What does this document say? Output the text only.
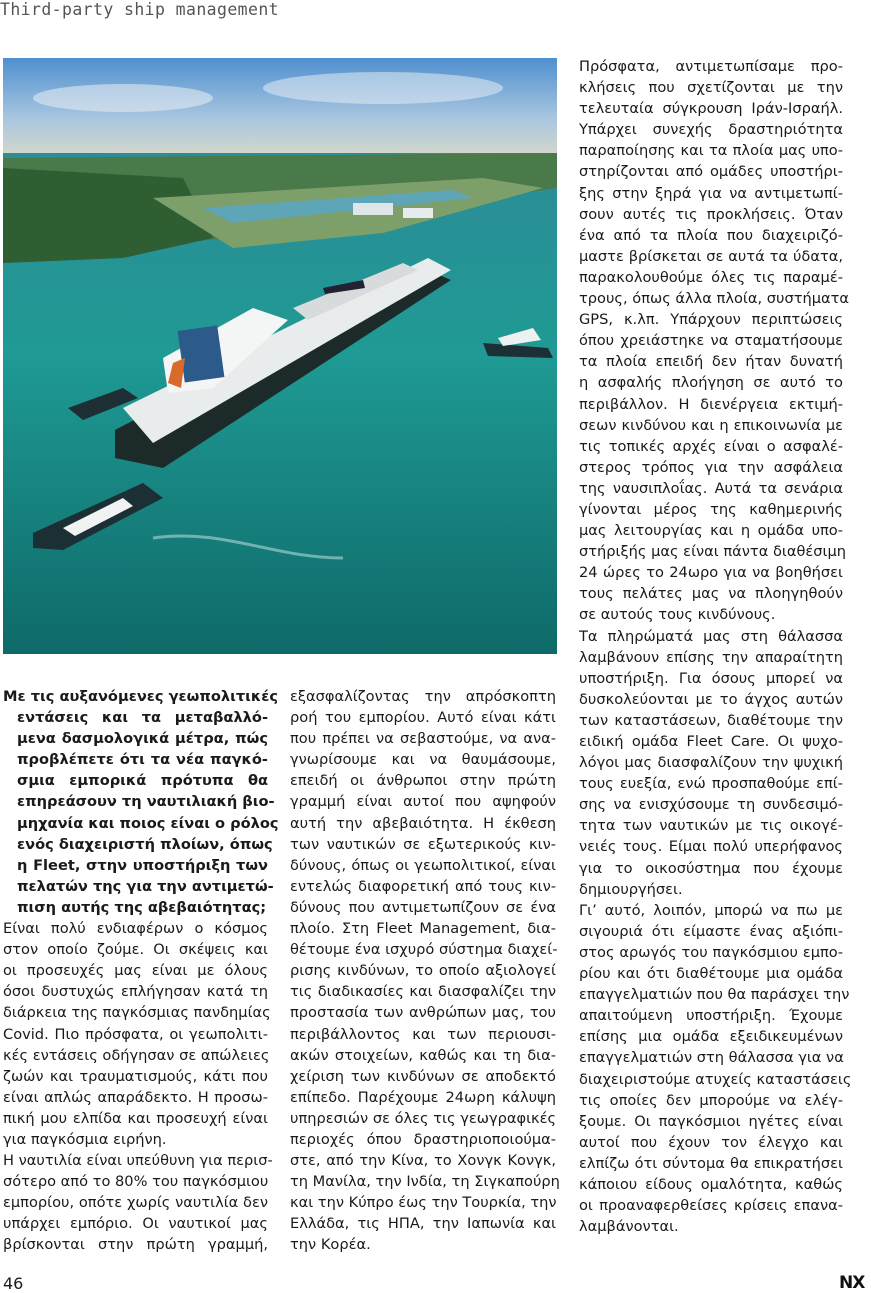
Third-party ship management
Με τις αυξανόμενες γεωπολιτικές
εντάσεις και τα μεταβαλλό-
μενα δασμολογικά μέτρα, πώς
προβλέπετε ότι τα νέα παγκό-
σμια εμπορικά πρότυπα θα
επηρεάσουν τη ναυτιλιακή βιο-
μηχανία και ποιος είναι ο ρόλος
ενός διαχειριστή πλοίων, όπως
η Fleet, στην υποστήριξη των
πελατών της για την αντιμετώ-
πιση αυτής της αβεβαιότητας;
Είναι πολύ ενδιαφέρων ο κόσμος
στον οποίο ζούμε. Οι σκέψεις και
οι προσευχές μας είναι με όλους
όσοι δυστυχώς επλήγησαν κατά τη
διάρκεια της παγκόσμιας πανδημίας
Covid. Πιο πρόσφατα, οι γεωπολιτι-
κές εντάσεις οδήγησαν σε απώλειες
ζωών και τραυματισμούς, κάτι που
είναι απλώς απαράδεκτο. Η προσω-
πική μου ελπίδα και προσευχή είναι
για παγκόσμια ειρήνη.
Η ναυτιλία είναι υπεύθυνη για περισ-
σότερο από το 80% του παγκόσμιου
εμπορίου, οπότε χωρίς ναυτιλία δεν
υπάρχει εμπόριο. Οι ναυτικοί μας
βρίσκονται στην πρώτη γραμμή,
εξασφαλίζοντας την απρόσκοπτη
ροή του εμπορίου. Αυτό είναι κάτι
που πρέπει να σεβαστούμε, να ανα-
γνωρίσουμε και να θαυμάσουμε,
επειδή οι άνθρωποι στην πρώτη
γραμμή είναι αυτοί που αψηφούν
αυτή την αβεβαιότητα. Η έκθεση
των ναυτικών σε εξωτερικούς κιν-
δύνους, όπως οι γεωπολιτικοί, είναι
εντελώς διαφορετική από τους κιν-
δύνους που αντιμετωπίζουν σε ένα
πλοίο. Στη Fleet Management, δια-
θέτουμε ένα ισχυρό σύστημα διαχεί-
ρισης κινδύνων, το οποίο αξιολογεί
τις διαδικασίες και διασφαλίζει την
προστασία των ανθρώπων μας, του
περιβάλλοντος και των περιουσι-
ακών στοιχείων, καθώς και τη δια-
χείριση των κινδύνων σε αποδεκτό
επίπεδο. Παρέχουμε 24ωρη κάλυψη
υπηρεσιών σε όλες τις γεωγραφικές
περιοχές όπου δραστηριοποιούμα-
στε, από την Κίνα, το Χονγκ Κονγκ,
τη Μανίλα, την Ινδία, τη Σιγκαπούρη
και την Κύπρο έως την Τουρκία, την
Ελλάδα, τις ΗΠΑ, την Ιαπωνία και
την Κορέα.
Πρόσφατα, αντιμετωπίσαμε προ-
κλήσεις που σχετίζονται με την
τελευταία σύγκρουση Ιράν-Ισραήλ.
Υπάρχει συνεχής δραστηριότητα
παραποίησης και τα πλοία μας υπο-
στηρίζονται από ομάδες υποστήρι-
ξης στην ξηρά για να αντιμετωπί-
σουν αυτές τις προκλήσεις. Όταν
ένα από τα πλοία που διαχειριζό-
μαστε βρίσκεται σε αυτά τα ύδατα,
παρακολουθούμε όλες τις παραμέ-
τρους, όπως άλλα πλοία, συστήματα
GPS, κ.λπ. Υπάρχουν περιπτώσεις
όπου χρειάστηκε να σταματήσουμε
τα πλοία επειδή δεν ήταν δυνατή
η ασφαλής πλοήγηση σε αυτό το
περιβάλλον. Η διενέργεια εκτιμή-
σεων κινδύνου και η επικοινωνία με
τις τοπικές αρχές είναι ο ασφαλέ-
στερος τρόπος για την ασφάλεια
της ναυσιπλοΐας. Αυτά τα σενάρια
γίνονται μέρος της καθημερινής
μας λειτουργίας και η ομάδα υπο-
στήριξής μας είναι πάντα διαθέσιμη
24 ώρες το 24ωρο για να βοηθήσει
τους πελάτες μας να πλοηγηθούν
σε αυτούς τους κινδύνους.
Τα πληρώματά μας στη θάλασσα
λαμβάνουν επίσης την απαραίτητη
υποστήριξη. Για όσους μπορεί να
δυσκολεύονται με το άγχος αυτών
των καταστάσεων, διαθέτουμε την
ειδική ομάδα Fleet Care. Οι ψυχο-
λόγοι μας διασφαλίζουν την ψυχική
τους ευεξία, ενώ προσπαθούμε επί-
σης να ενισχύσουμε τη συνδεσιμό-
τητα των ναυτικών με τις οικογέ-
νειές τους. Είμαι πολύ υπερήφανος
για το οικοσύστημα που έχουμε
δημιουργήσει.
Γι’ αυτό, λοιπόν, μπορώ να πω με
σιγουριά ότι είμαστε ένας αξιόπι-
στος αρωγός του παγκόσμιου εμπο-
ρίου και ότι διαθέτουμε μια ομάδα
επαγγελματιών που θα παράσχει την
απαιτούμενη υποστήριξη. Έχουμε
επίσης μια ομάδα εξειδικευμένων
επαγγελματιών στη θάλασσα για να
διαχειριστούμε ατυχείς καταστάσεις
τις οποίες δεν μπορούμε να ελέγ-
ξουμε. Οι παγκόσμιοι ηγέτες είναι
αυτοί που έχουν τον έλεγχο και
ελπίζω ότι σύντομα θα επικρατήσει
κάποιου είδους ομαλότητα, καθώς
οι προαναφερθείσες κρίσεις επανα-
λαμβάνονται.
46	NX
